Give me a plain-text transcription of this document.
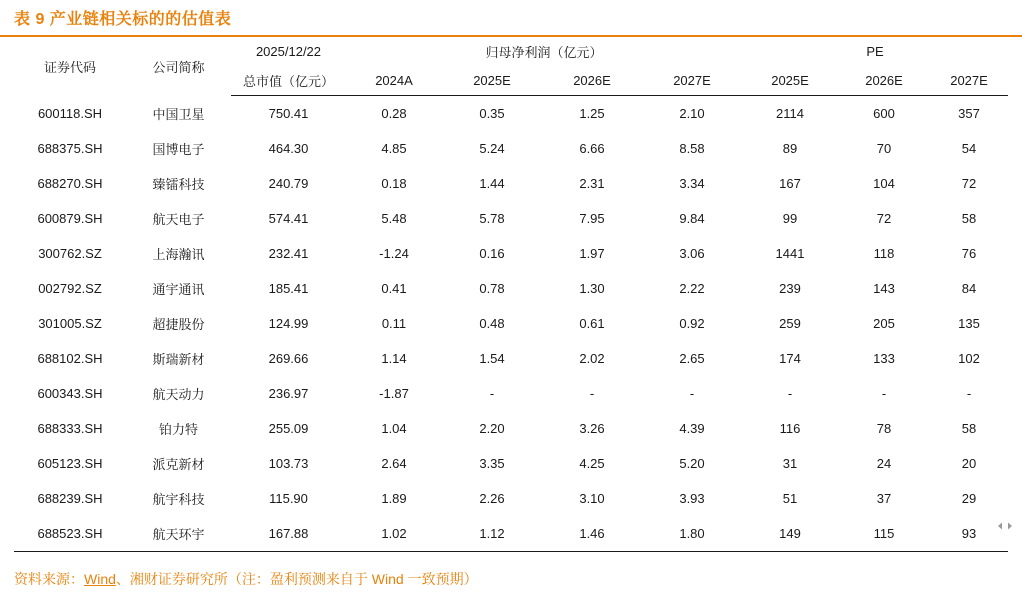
表 9 产业链相关标的的估值表
证券代码	公司简称	2025/12/22	归母净利润（亿元）				PE		
		总市值（亿元）	2024A	2025E	2026E	2027E	2025E	2026E	2027E
600118.SH	中国卫星	750.41	0.28	0.35	1.25	2.10	2114	600	357
688375.SH	国博电子	464.30	4.85	5.24	6.66	8.58	89	70	54
688270.SH	臻镭科技	240.79	0.18	1.44	2.31	3.34	167	104	72
600879.SH	航天电子	574.41	5.48	5.78	7.95	9.84	99	72	58
300762.SZ	上海瀚讯	232.41	-1.24	0.16	1.97	3.06	1441	118	76
002792.SZ	通宇通讯	185.41	0.41	0.78	1.30	2.22	239	143	84
301005.SZ	超捷股份	124.99	0.11	0.48	0.61	0.92	259	205	135
688102.SH	斯瑞新材	269.66	1.14	1.54	2.02	2.65	174	133	102
600343.SH	航天动力	236.97	-1.87	-	-	-	-	-	-
688333.SH	铂力特	255.09	1.04	2.20	3.26	4.39	116	78	58
605123.SH	派克新材	103.73	2.64	3.35	4.25	5.20	31	24	20
688239.SH	航宇科技	115.90	1.89	2.26	3.10	3.93	51	37	29
688523.SH	航天环宇	167.88	1.02	1.12	1.46	1.80	149	115	93
资料来源：Wind、湘财证券研究所（注：盈利预测来自于 Wind 一致预期）
